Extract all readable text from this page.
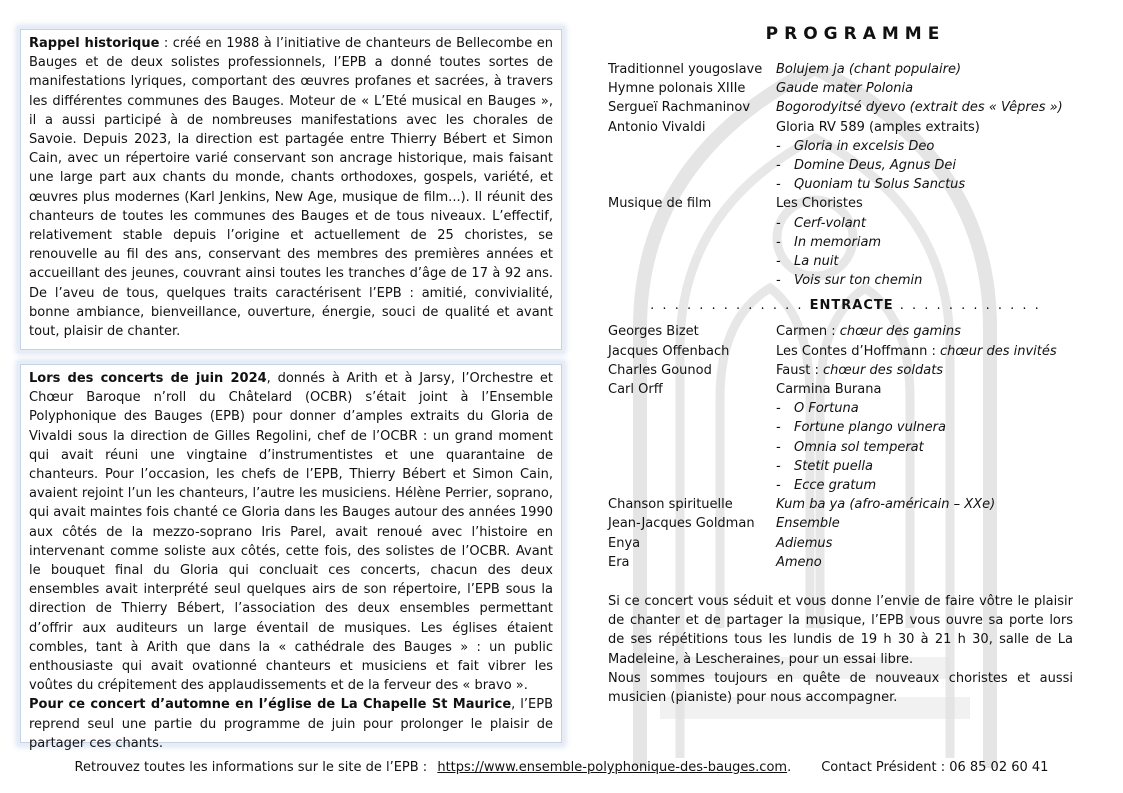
Rappel historique : créé en 1988 à l’initiative de chanteurs de Bellecombe en Bauges et de deux solistes professionnels, l’EPB a donné toutes sortes de manifestations lyriques, comportant des œuvres profanes et sacrées, à travers les différentes communes des Bauges. Moteur de « L’Eté musical en Bauges », il a aussi participé à de nombreuses manifestations avec les chorales de Savoie. Depuis 2023, la direction est partagée entre Thierry Bébert et Simon Cain, avec un répertoire varié conservant son ancrage historique, mais faisant une large part aux chants du monde, chants orthodoxes, gospels, variété, et œuvres plus modernes (Karl Jenkins, New Age, musique de film...). Il réunit des chanteurs de toutes les communes des Bauges et de tous niveaux. L’effectif, relativement stable depuis l’origine et actuellement de 25 choristes, se renouvelle au fil des ans, conservant des membres des premières années et accueillant des jeunes, couvrant ainsi toutes les tranches d’âge de 17 à 92 ans. De l’aveu de tous, quelques traits caractérisent l’EPB : amitié, convivialité, bonne ambiance, bienveillance, ouverture, énergie, souci de qualité et avant tout, plaisir de chanter.

Lors des concerts de juin 2024, donnés à Arith et à Jarsy, l’Orchestre et Chœur Baroque n’roll du Châtelard (OCBR) s’était joint à l’Ensemble Polyphonique des Bauges (EPB) pour donner d’amples extraits du Gloria de Vivaldi sous la direction de Gilles Regolini, chef de l’OCBR : un grand moment qui avait réuni une vingtaine d’instrumentistes et une quarantaine de chanteurs. Pour l’occasion, les chefs de l’EPB, Thierry Bébert et Simon Cain, avaient rejoint l’un les chanteurs, l’autre les musiciens. Hélène Perrier, soprano, qui avait maintes fois chanté ce Gloria dans les Bauges autour des années 1990 aux côtés de la mezzo-soprano Iris Parel, avait renoué avec l’histoire en intervenant comme soliste aux côtés, cette fois, des solistes de l’OCBR. Avant le bouquet final du Gloria qui concluait ces concerts, chacun des deux ensembles avait interprété seul quelques airs de son répertoire, l’EPB sous la direction de Thierry Bébert, l’association des deux ensembles permettant d’offrir aux auditeurs un large éventail de musiques. Les églises étaient combles, tant à Arith que dans la « cathédrale des Bauges » : un public enthousiaste qui avait ovationné chanteurs et musiciens et fait vibrer les voûtes du crépitement des applaudissements et de la ferveur des « bravo ».

Pour ce concert d’automne en l’église de La Chapelle St Maurice, l’EPB reprend seul une partie du programme de juin pour prolonger le plaisir de partager ces chants.

PROGRAMME
Traditionnel yougoslave	Bolujem ja (chant populaire)
Hymne polonais XIIIe	Gaude mater Polonia
Sergueï Rachmaninov	Bogorodyitsé dyevo (extrait des « Vêpres »)
Antonio Vivaldi	Gloria RV 589 (amples extraits)
-	Gloria in excelsis Deo
-	Domine Deus, Agnus Dei
-	Quoniam tu Solus Sanctus
Musique de film	Les Choristes
-	Cerf-volant
-	In memoriam
-	La nuit
-	Vois sur ton chemin
. . . . . . . . . . . . . ENTRACTE . . . . . . . . . . . .
Georges Bizet	Carmen : chœur des gamins
Jacques Offenbach	Les Contes d’Hoffmann : chœur des invités
Charles Gounod	Faust : chœur des soldats
Carl Orff	Carmina Burana
-	O Fortuna
-	Fortune plango vulnera
-	Omnia sol temperat
-	Stetit puella
-	Ecce gratum
Chanson spirituelle	Kum ba ya (afro-américain – XXe)
Jean-Jacques Goldman	Ensemble
Enya	Adiemus
Era	Ameno

Si ce concert vous séduit et vous donne l’envie de faire vôtre le plaisir de chanter et de partager la musique, l’EPB vous ouvre sa porte lors de ses répétitions tous les lundis de 19 h 30 à 21 h 30, salle de La Madeleine, à Lescheraines, pour un essai libre.

Nous sommes toujours en quête de nouveaux choristes et aussi musicien (pianiste) pour nous accompagner.

Retrouvez toutes les informations sur le site de l’EPB : https://www.ensemble-polyphonique-des-bauges.com. Contact Président : 06 85 02 60 41
